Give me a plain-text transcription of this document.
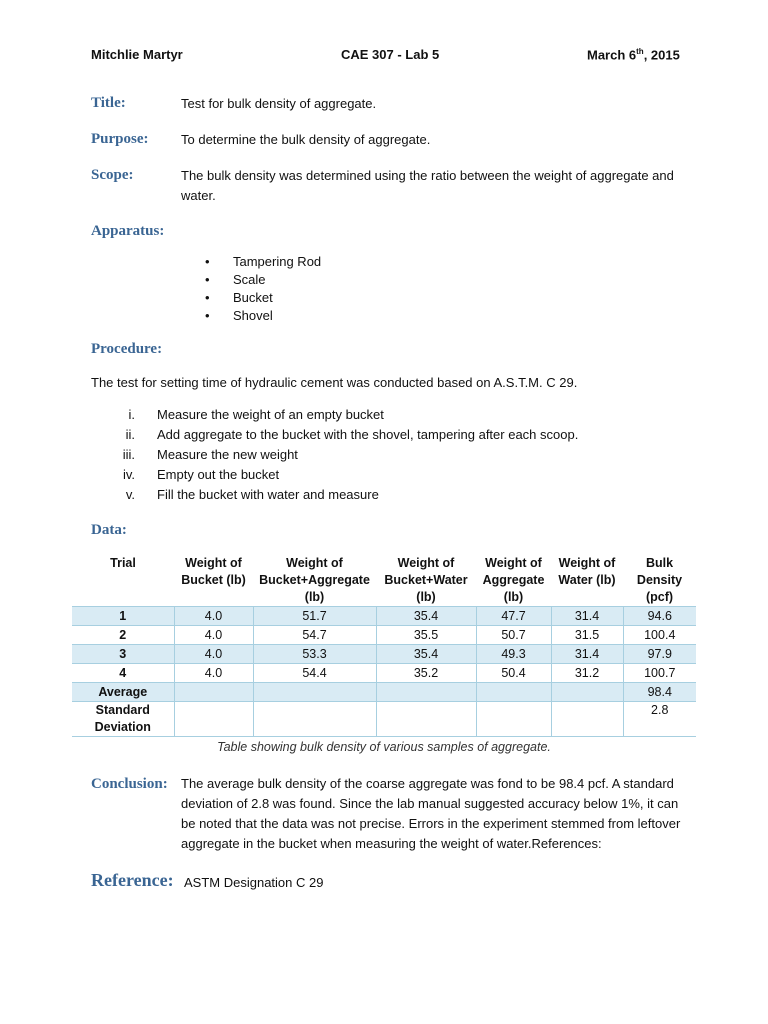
Mitchlie Martyr	CAE 307 - Lab 5	March 6th, 2015
Title:	Test for bulk density of aggregate.
Purpose:	To determine the bulk density of aggregate.
Scope:	The bulk density was determined using the ratio between the weight of aggregate and water.
Apparatus:
•	Tampering Rod
•	Scale
•	Bucket
•	Shovel
Procedure:
The test for setting time of hydraulic cement was conducted based on A.S.T.M. C 29.
i.	Measure the weight of an empty bucket
ii.	Add aggregate to the bucket with the shovel, tampering after each scoop.
iii.	Measure the new weight
iv.	Empty out the bucket
v.	Fill the bucket with water and measure
Data:
Trial	Weight of Bucket (lb)	Weight of Bucket+Aggregate (lb)	Weight of Bucket+Water (lb)	Weight of Aggregate (lb)	Weight of Water (lb)	Bulk Density (pcf)
1	4.0	51.7	35.4	47.7	31.4	94.6
2	4.0	54.7	35.5	50.7	31.5	100.4
3	4.0	53.3	35.4	49.3	31.4	97.9
4	4.0	54.4	35.2	50.4	31.2	100.7
Average						98.4
Standard Deviation						2.8
Table showing bulk density of various samples of aggregate.
Conclusion: The average bulk density of the coarse aggregate was fond to be 98.4 pcf. A standard deviation of 2.8 was found. Since the lab manual suggested accuracy below 1%, it can be noted that the data was not precise. Errors in the experiment stemmed from leftover aggregate in the bucket when measuring the weight of water.References:
Reference: ASTM Designation C 29
